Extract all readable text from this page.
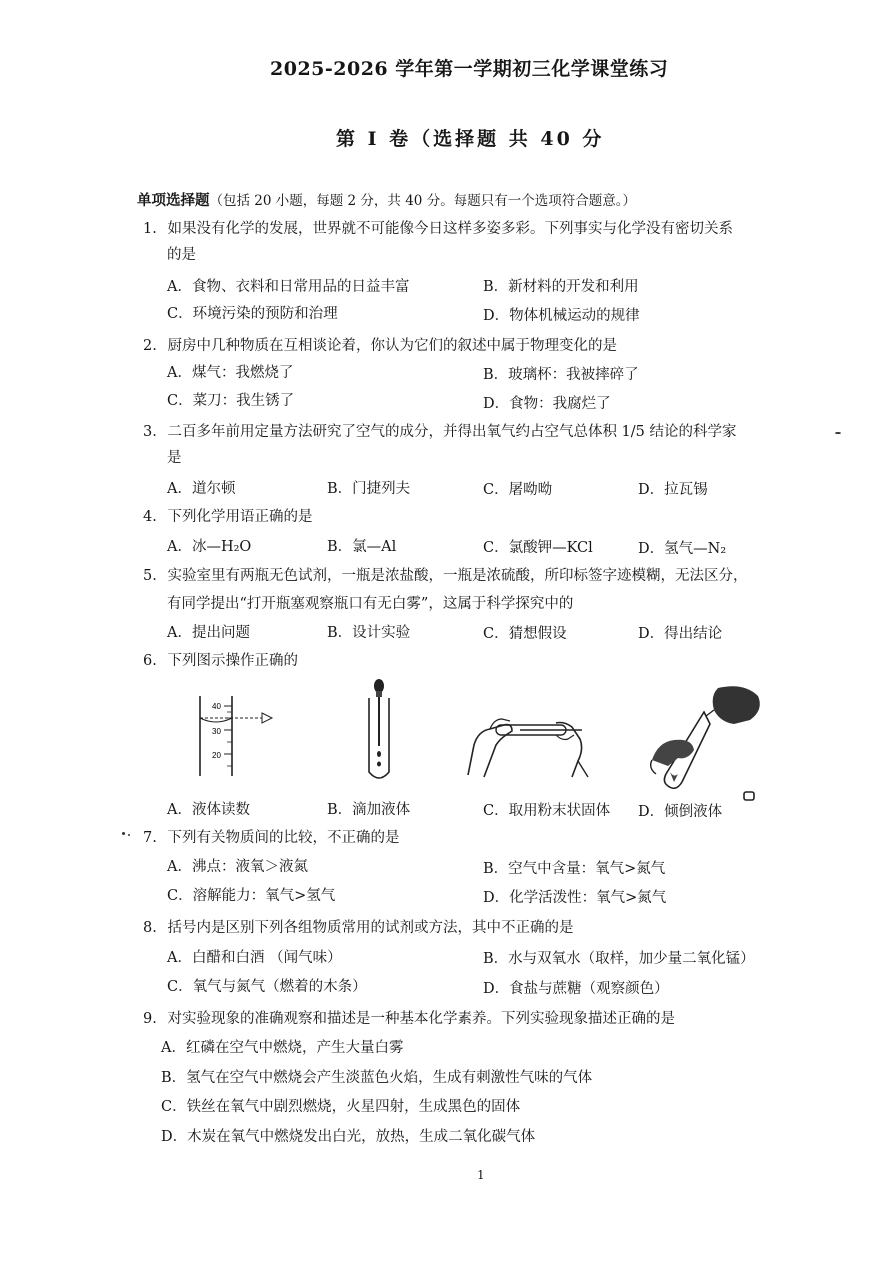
2025-2026 学年第一学期初三化学课堂练习
第 I 卷（选择题 共 40 分
单项选择题（包括 20 小题，每题 2 分，共 40 分。每题只有一个选项符合题意。）
1. 如果没有化学的发展，世界就不可能像今日这样多姿多彩。下列事实与化学没有密切关系
的是
A．食物、衣料和日常用品的日益丰富	B．新材料的开发和利用
C．环境污染的预防和治理	D．物体机械运动的规律
2. 厨房中几种物质在互相谈论着，你认为它们的叙述中属于物理变化的是
A．煤气：我燃烧了	B．玻璃杯：我被摔碎了
C．菜刀：我生锈了	D．食物：我腐烂了
3. 二百多年前用定量方法研究了空气的成分，并得出氧气约占空气总体积 1/5 结论的科学家
是
A．道尔顿	B．门捷列夫	C．屠呦呦	D．拉瓦锡
4. 下列化学用语正确的是
A．冰—H₂O	B．氯—Al	C．氯酸钾—KCl	D．氢气—N₂
5. 实验室里有两瓶无色试剂，一瓶是浓盐酸，一瓶是浓硫酸，所印标签字迹模糊，无法区分，
有同学提出“打开瓶塞观察瓶口有无白雾”，这属于科学探究中的
A．提出问题	B．设计实验	C．猜想假设	D．得出结论
6. 下列图示操作正确的
40
30
20
A．液体读数	B．滴加液体	C．取用粉末状固体 D．倾倒液体
7. 下列有关物质间的比较，不正确的是
A．沸点：液氧＞液氮	B．空气中含量：氧气>氮气
C．溶解能力：氧气>氢气	D．化学活泼性：氧气>氮气
8. 括号内是区别下列各组物质常用的试剂或方法，其中不正确的是
A．白醋和白酒 （闻气味）	B．水与双氧水（取样，加少量二氧化锰）
C．氧气与氮气（燃着的木条）	D．食盐与蔗糖（观察颜色）
9. 对实验现象的准确观察和描述是一种基本化学素养。下列实验现象描述正确的是
A．红磷在空气中燃烧，产生大量白雾
B．氢气在空气中燃烧会产生淡蓝色火焰，生成有刺激性气味的气体
C．铁丝在氧气中剧烈燃烧，火星四射，生成黑色的固体
D．木炭在氧气中燃烧发出白光，放热，生成二氧化碳气体
1
